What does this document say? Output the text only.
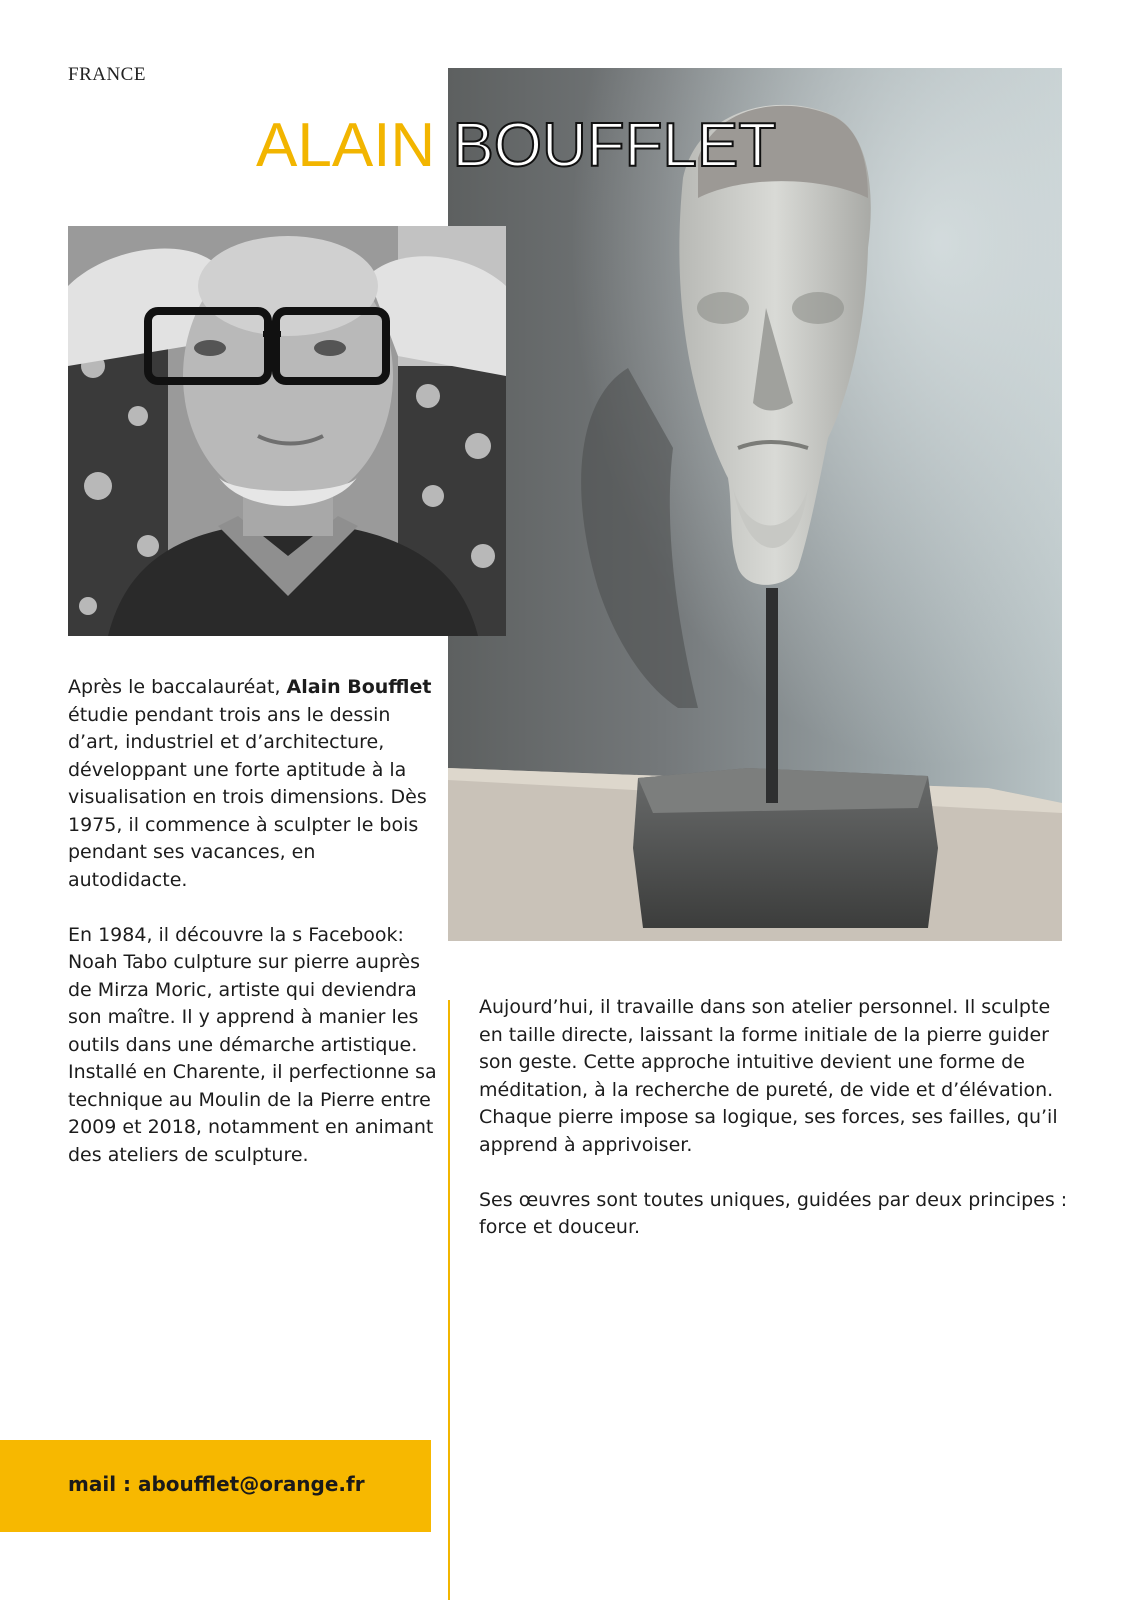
FRANCE
ALAIN BOUFFLET

Après le baccalauréat, Alain Boufflet étudie pendant trois ans le dessin d’art, industriel et d’architecture, développant une forte aptitude à la visualisation en trois dimensions. Dès 1975, il commence à sculpter le bois pendant ses vacances, en autodidacte.

En 1984, il découvre la s Facebook: Noah Tabo culpture sur pierre auprès de Mirza Moric, artiste qui deviendra son maître. Il y apprend à manier les outils dans une démarche artistique. Installé en Charente, il perfectionne sa technique au Moulin de la Pierre entre 2009 et 2018, notamment en animant des ateliers de sculpture.

Aujourd’hui, il travaille dans son atelier personnel. Il sculpte en taille directe, laissant la forme initiale de la pierre guider son geste. Cette approche intuitive devient une forme de méditation, à la recherche de pureté, de vide et d’élévation. Chaque pierre impose sa logique, ses forces, ses failles, qu’il apprend à apprivoiser.

Ses œuvres sont toutes uniques, guidées par deux principes : force et douceur.

mail : aboufflet@orange.fr
